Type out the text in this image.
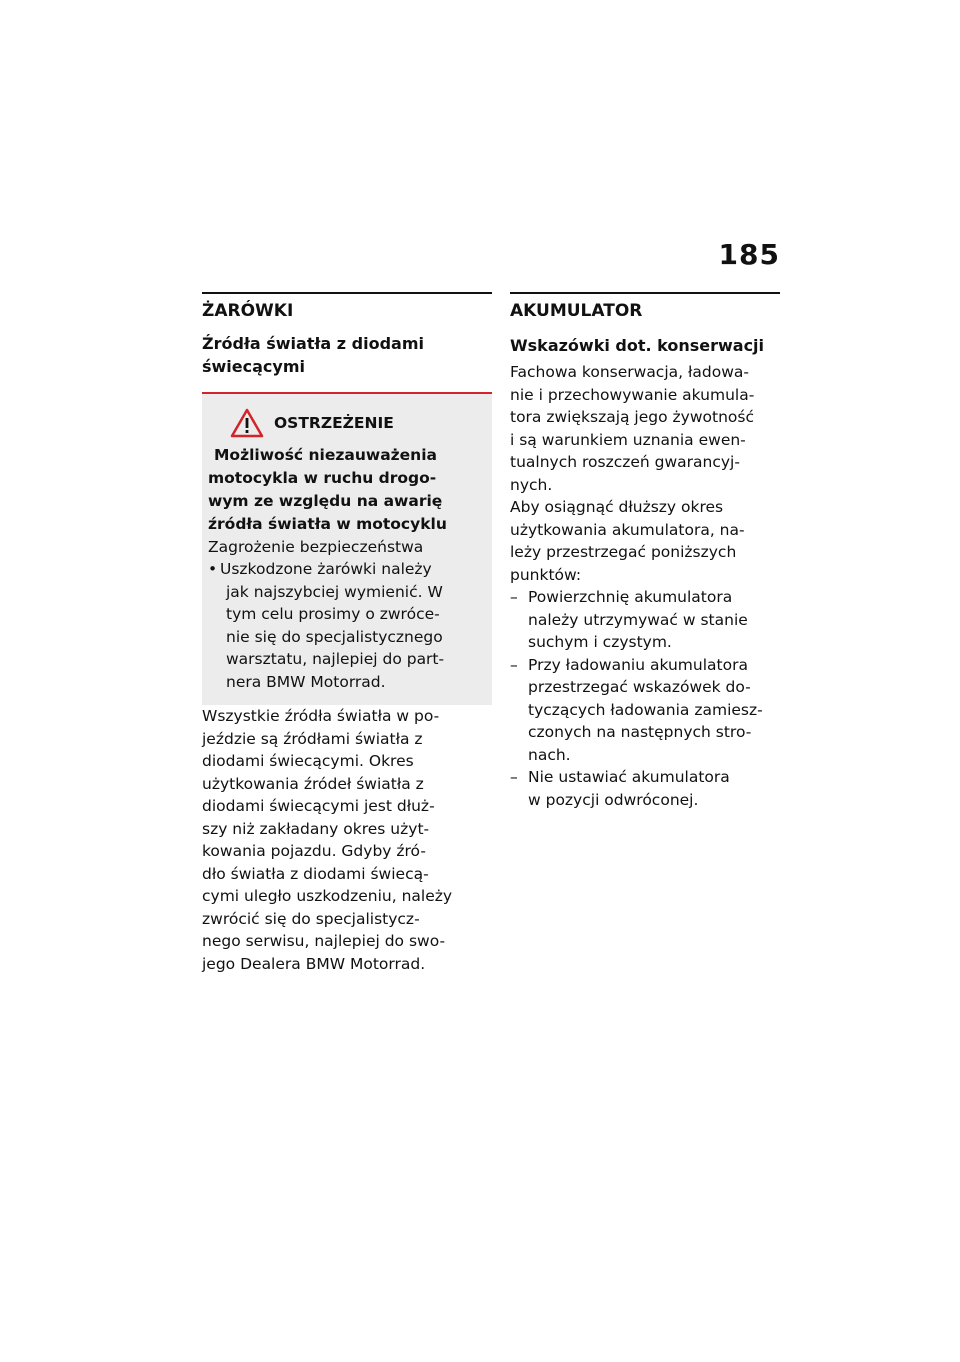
185
ŻARÓWKI
Źródła światła z diodami
świecącymi
OSTRZEŻENIE
Możliwość niezauważenia
motocykla w ruchu drogo-
wym ze względu na awarię
źródła światła w motocyklu
Zagrożenie bezpieczeństwa
• Uszkodzone żarówki należy
jak najszybciej wymienić. W
tym celu prosimy o zwróce-
nie się do specjalistycznego
warsztatu, najlepiej do part-
nera BMW Motorrad.

Wszystkie źródła światła w po-
jeździe są źródłami światła z
diodami świecącymi. Okres
użytkowania źródeł światła z
diodami świecącymi jest dłuż-
szy niż zakładany okres użyt-
kowania pojazdu. Gdyby źró-
dło światła z diodami świecą-
cymi uległo uszkodzeniu, należy
zwrócić się do specjalistycz-
nego serwisu, najlepiej do swo-
jego Dealera BMW Motorrad.

AKUMULATOR
Wskazówki dot. konserwacji

Fachowa konserwacja, ładowa-
nie i przechowywanie akumula-
tora zwiększają jego żywotność
i są warunkiem uznania ewen-
tualnych roszczeń gwarancyj-
nych.
Aby osiągnąć dłuższy okres
użytkowania akumulatora, na-
leży przestrzegać poniższych
punktów:

– Powierzchnię akumulatora
należy utrzymywać w stanie
suchym i czystym.
– Przy ładowaniu akumulatora
przestrzegać wskazówek do-
tyczących ładowania zamiesz-
czonych na następnych stro-
nach.
– Nie ustawiać akumulatora
w pozycji odwróconej.
